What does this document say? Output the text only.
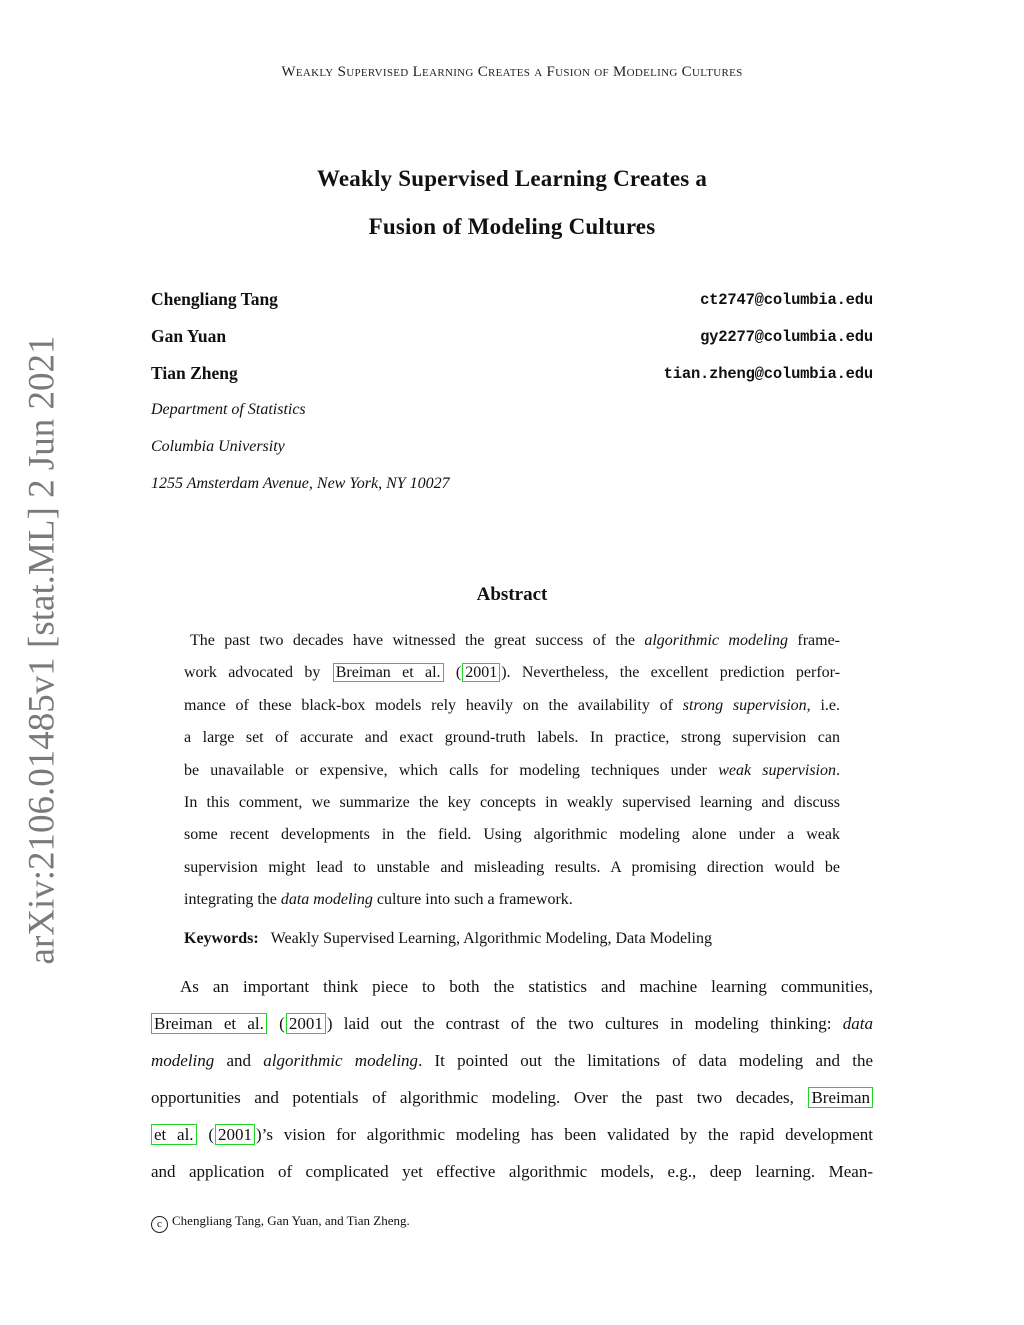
Weakly Supervised Learning Creates a Fusion of Modeling Cultures
Weakly Supervised Learning Creates a
Fusion of Modeling Cultures
Chengliang Tang	ct2747@columbia.edu
Gan Yuan	gy2277@columbia.edu
Tian Zheng	tian.zheng@columbia.edu
Department of Statistics
Columbia University
1255 Amsterdam Avenue, New York, NY 10027
arXiv:2106.01485v1 [stat.ML] 2 Jun 2021	Abstract
The past two decades have witnessed the great success of the algorithmic modeling frame-
work advocated by Breiman et al. ( 2001 ). Nevertheless, the excellent prediction perfor-
mance of these black-box models rely heavily on the availability of strong supervision, i.e.
a large set of accurate and exact ground-truth labels. In practice, strong supervision can
be unavailable or expensive, which calls for modeling techniques under weak supervision.
In this comment, we summarize the key concepts in weakly supervised learning and discuss
some recent developments in the field. Using algorithmic modeling alone under a weak
supervision might lead to unstable and misleading results. A promising direction would be
integrating the data modeling culture into such a framework.
Keywords: Weakly Supervised Learning, Algorithmic Modeling, Data Modeling
As an important think piece to both the statistics and machine learning communities,
Breiman et al. ( 2001 ) laid out the contrast of the two cultures in modeling thinking: data
modeling and algorithmic modeling. It pointed out the limitations of data modeling and the
opportunities and potentials of algorithmic modeling. Over the past two decades, Breiman
et al. ( 2001 )’s vision for algorithmic modeling has been validated by the rapid development
and application of complicated yet effective algorithmic models, e.g., deep learning. Mean-
c Chengliang Tang, Gan Yuan, and Tian Zheng.
